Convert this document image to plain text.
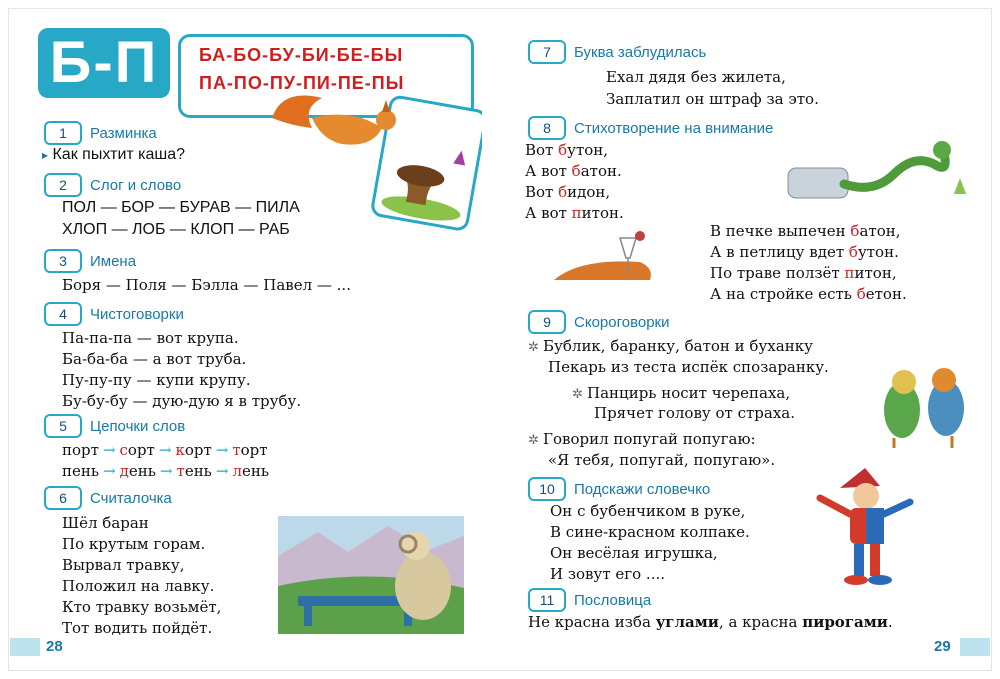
Б-П	БА-БО-БУ-БИ-БЕ-БЫ
ПА-ПО-ПУ-ПИ-ПЕ-ПЫ
1	Разминка
▸ Как пыхтит каша?
2	Слог и слово
ПОЛ — БОР — БУРАВ — ПИЛА
ХЛОП — ЛОБ — КЛОП — РАБ
3	Имена
Боря — Поля — Бэлла — Павел — ...
4	Чистоговорки
Па-па-па — вот крупа.
Ба-ба-ба — а вот труба.
Пу-пу-пу — купи крупу.
Бу-бу-бу — дую-дую я в трубу.
5	Цепочки слов
порт → сорт → корт → торт
пень → день → тень → лень
6	Считалочка
Шёл баран
По крутым горам.
Вырвал травку,
Положил на лавку.
Кто травку возьмёт,
Тот водить пойдёт.
28
7	Буква заблудилась
Ехал дядя без жилета,
Заплатил он штраф за это.
8	Стихотворение на внимание
Вот бутон,
А вот батон.
Вот бидон,
А вот питон.
В печке выпечен батон,
А в петлицу вдет бутон.
По траве ползёт питон,
А на стройке есть бетон.
9	Скороговорки
✲ Бублик, баранку, батон и буханку
Пекарь из теста испёк спозаранку.
✲ Панцирь носит черепаха,
Прячет голову от страха.
✲ Говорил попугай попугаю:
«Я тебя, попугай, попугаю».
10	Подскажи словечко
Он с бубенчиком в руке,
В сине-красном колпаке.
Он весёлая игрушка,
И зовут его ....
11	Пословица
Не красна изба углами, а красна пирогами.
29
